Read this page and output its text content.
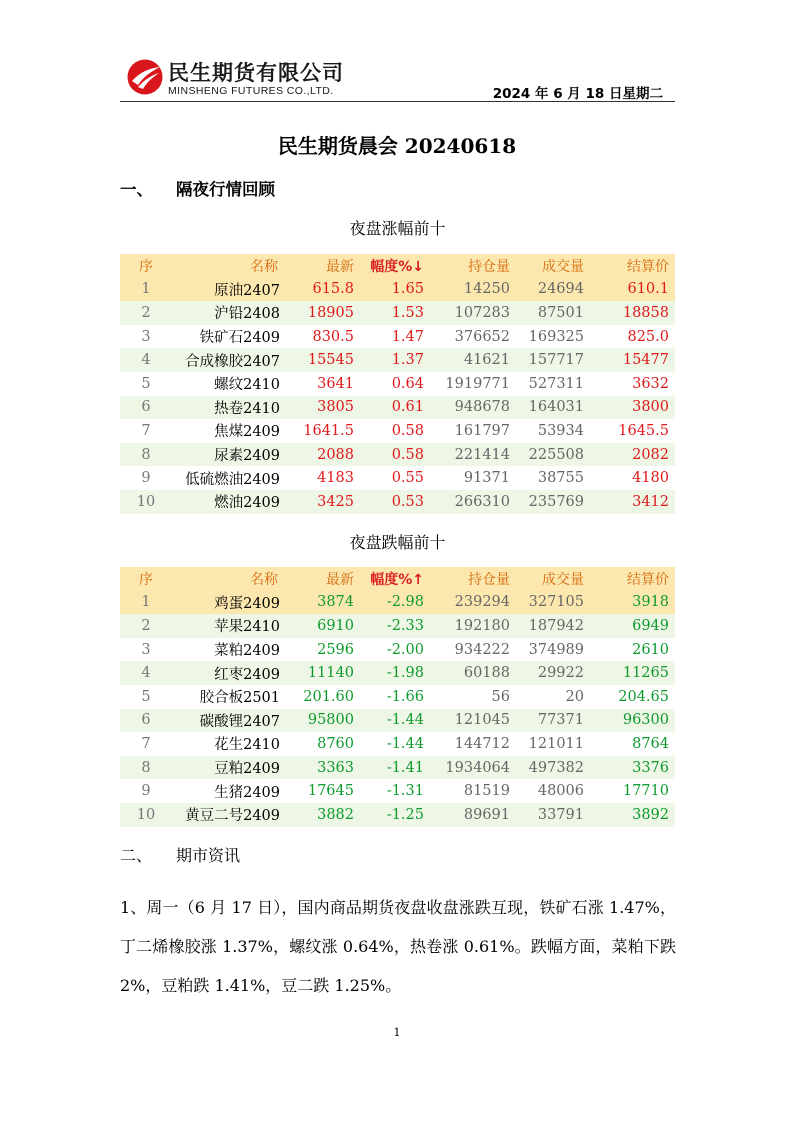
民生期货有限公司
MINSHENG FUTURES CO.,LTD.	2024 年 6 月 18 日星期二
民生期货晨会 20240618
一、 隔夜行情回顾
夜盘涨幅前十
序	名称	最新	幅度%↓	持仓量	成交量	结算价
1	原油2407	615.8	1.65	14250	24694	610.1
2	沪铅2408	18905	1.53	107283	87501	18858
3	铁矿石2409	830.5	1.47	376652	169325	825.0
4	合成橡胶2407	15545	1.37	41621	157717	15477
5	螺纹2410	3641	0.64	1919771	527311	3632
6	热卷2410	3805	0.61	948678	164031	3800
7	焦煤2409	1641.5	0.58	161797	53934	1645.5
8	尿素2409	2088	0.58	221414	225508	2082
9	低硫燃油2409	4183	0.55	91371	38755	4180
10	燃油2409	3425	0.53	266310	235769	3412
夜盘跌幅前十
序	名称	最新	幅度%↑	持仓量	成交量	结算价
1	鸡蛋2409	3874	-2.98	239294	327105	3918
2	苹果2410	6910	-2.33	192180	187942	6949
3	菜粕2409	2596	-2.00	934222	374989	2610
4	红枣2409	11140	-1.98	60188	29922	11265
5	胶合板2501	201.60	-1.66	56	20	204.65
6	碳酸锂2407	95800	-1.44	121045	77371	96300
7	花生2410	8760	-1.44	144712	121011	8764
8	豆粕2409	3363	-1.41	1934064	497382	3376
9	生猪2409	17645	-1.31	81519	48006	17710
10	黄豆二号2409	3882	-1.25	89691	33791	3892
二、 期市资讯
1、周一（6 月 17 日），国内商品期货夜盘收盘涨跌互现，铁矿石涨 1.47%，丁二烯橡胶涨 1.37%，螺纹涨 0.64%，热卷涨 0.61%。跌幅方面，菜粕下跌 2%，豆粕跌 1.41%，豆二跌 1.25%。
1
